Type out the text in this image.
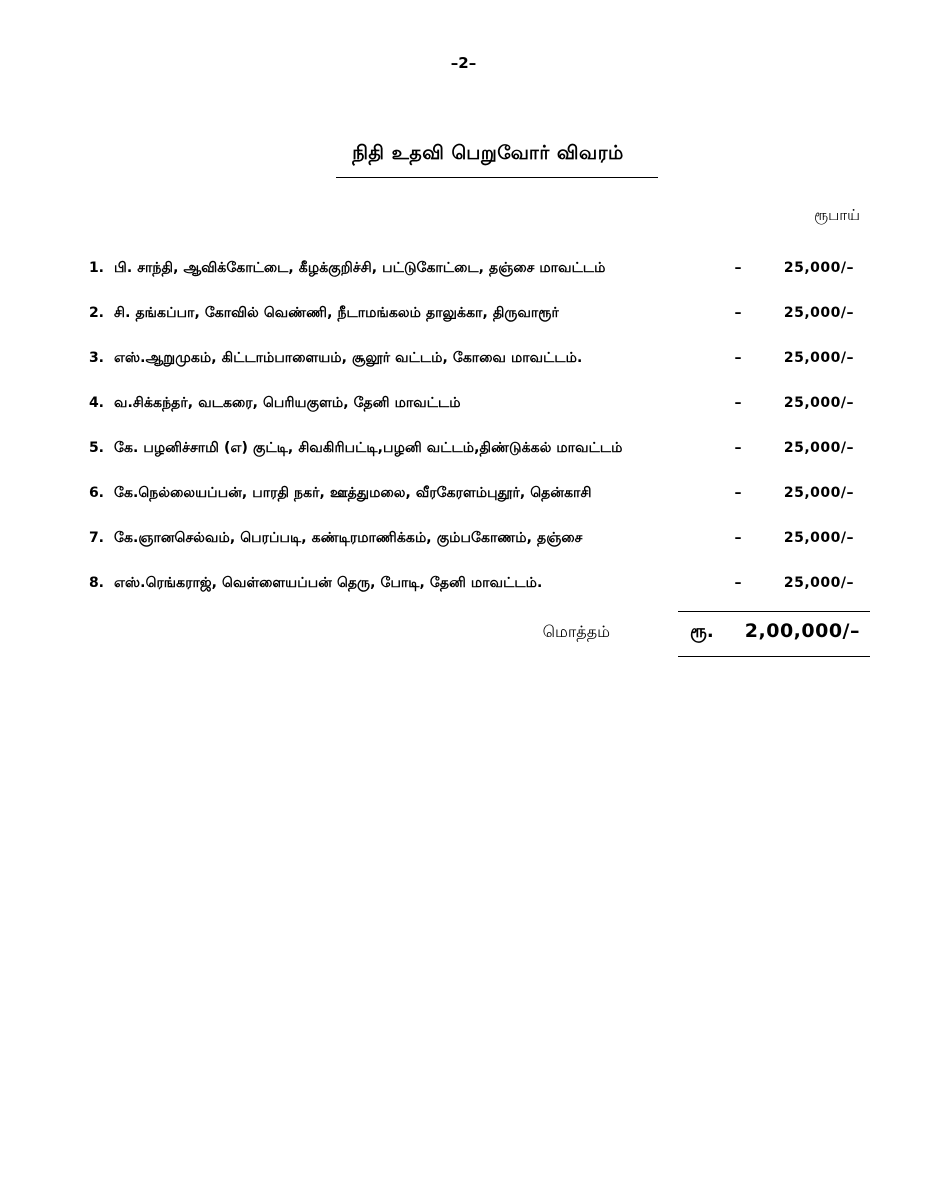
–2–
நிதி உதவி பெறுவோர் விவரம்
ரூபாய்
1. பி. சாந்தி, ஆவிக்கோட்டை, கீழக்குறிச்சி, பட்டுகோட்டை, தஞ்சை மாவட்டம்	–	25,000/–
2. சி. தங்கப்பா, கோவில் வெண்ணி, நீடாமங்கலம் தாலுக்கா, திருவாரூர்	–	25,000/–
3. எஸ்.ஆறுமுகம், கிட்டாம்பாளையம், சூலூர் வட்டம், கோவை மாவட்டம்.	–	25,000/–
4. வ.சிக்கந்தர், வடகரை, பெரியகுளம், தேனி மாவட்டம்	–	25,000/–
5. கே. பழனிச்சாமி (எ) குட்டி, சிவகிரிபட்டி,பழனி வட்டம்,திண்டுக்கல் மாவட்டம்	–	25,000/–
6. கே.நெல்லையப்பன், பாரதி நகர், ஊத்துமலை, வீரகேரளம்புதூர், தென்காசி	–	25,000/–
7. கே.ஞானசெல்வம், பெரப்படி, கண்டிரமாணிக்கம், கும்பகோணம், தஞ்சை	–	25,000/–
8. எஸ்.ரெங்கராஜ், வெள்ளையப்பன் தெரு, போடி, தேனி மாவட்டம்.	–	25,000/–
மொத்தம்	ரூ.	2,00,000/–
